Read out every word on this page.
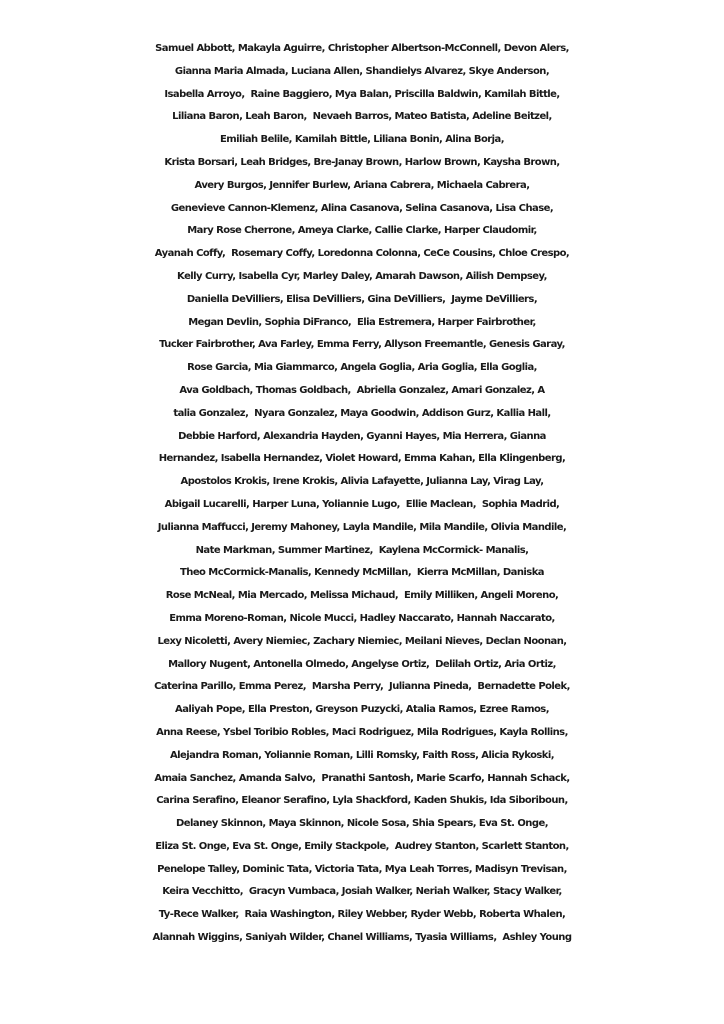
Samuel Abbott, Makayla Aguirre, Christopher Albertson-McConnell, Devon Alers,
Gianna Maria Almada, Luciana Allen, Shandielys Alvarez, Skye Anderson,
Isabella Arroyo,  Raine Baggiero, Mya Balan, Priscilla Baldwin, Kamilah Bittle,
Liliana Baron, Leah Baron,  Nevaeh Barros, Mateo Batista, Adeline Beitzel,
Emiliah Belile, Kamilah Bittle, Liliana Bonin, Alina Borja,
Krista Borsari, Leah Bridges, Bre-Janay Brown, Harlow Brown, Kaysha Brown,
Avery Burgos, Jennifer Burlew, Ariana Cabrera, Michaela Cabrera,
Genevieve Cannon-Klemenz, Alina Casanova, Selina Casanova, Lisa Chase,
Mary Rose Cherrone, Ameya Clarke, Callie Clarke, Harper Claudomir,
Ayanah Coffy,  Rosemary Coffy, Loredonna Colonna, CeCe Cousins, Chloe Crespo,
Kelly Curry, Isabella Cyr, Marley Daley, Amarah Dawson, Ailish Dempsey,
Daniella DeVilliers, Elisa DeVilliers, Gina DeVilliers,  Jayme DeVilliers,
Megan Devlin, Sophia DiFranco,  Elia Estremera, Harper Fairbrother,
Tucker Fairbrother, Ava Farley, Emma Ferry, Allyson Freemantle, Genesis Garay,
Rose Garcia, Mia Giammarco, Angela Goglia, Aria Goglia, Ella Goglia,
Ava Goldbach, Thomas Goldbach,  Abriella Gonzalez, Amari Gonzalez, A
talia Gonzalez,  Nyara Gonzalez, Maya Goodwin, Addison Gurz, Kallia Hall,
Debbie Harford, Alexandria Hayden, Gyanni Hayes, Mia Herrera, Gianna
Hernandez, Isabella Hernandez, Violet Howard, Emma Kahan, Ella Klingenberg,
Apostolos Krokis, Irene Krokis, Alivia Lafayette, Julianna Lay, Virag Lay,
Abigail Lucarelli, Harper Luna, Yoliannie Lugo,  Ellie Maclean,  Sophia Madrid,
Julianna Maffucci, Jeremy Mahoney, Layla Mandile, Mila Mandile, Olivia Mandile,
Nate Markman, Summer Martinez,  Kaylena McCormick- Manalis,
Theo McCormick-Manalis, Kennedy McMillan,  Kierra McMillan, Daniska
Rose McNeal, Mia Mercado, Melissa Michaud,  Emily Milliken, Angeli Moreno,
Emma Moreno-Roman, Nicole Mucci, Hadley Naccarato, Hannah Naccarato,
Lexy Nicoletti, Avery Niemiec, Zachary Niemiec, Meilani Nieves, Declan Noonan,
Mallory Nugent, Antonella Olmedo, Angelyse Ortiz,  Delilah Ortiz, Aria Ortiz,
Caterina Parillo, Emma Perez,  Marsha Perry,  Julianna Pineda,  Bernadette Polek,
Aaliyah Pope, Ella Preston, Greyson Puzycki, Atalia Ramos, Ezree Ramos,
Anna Reese, Ysbel Toribio Robles, Maci Rodriguez, Mila Rodrigues, Kayla Rollins,
Alejandra Roman, Yoliannie Roman, Lilli Romsky, Faith Ross, Alicia Rykoski,
Amaia Sanchez, Amanda Salvo,  Pranathi Santosh, Marie Scarfo, Hannah Schack,
Carina Serafino, Eleanor Serafino, Lyla Shackford, Kaden Shukis, Ida Siboriboun,
Delaney Skinnon, Maya Skinnon, Nicole Sosa, Shia Spears, Eva St. Onge,
Eliza St. Onge, Eva St. Onge, Emily Stackpole,  Audrey Stanton, Scarlett Stanton,
Penelope Talley, Dominic Tata, Victoria Tata, Mya Leah Torres, Madisyn Trevisan,
Keira Vecchitto,  Gracyn Vumbaca, Josiah Walker, Neriah Walker, Stacy Walker,
Ty-Rece Walker,  Raia Washington, Riley Webber, Ryder Webb, Roberta Whalen,
Alannah Wiggins, Saniyah Wilder, Chanel Williams, Tyasia Williams,  Ashley Young
